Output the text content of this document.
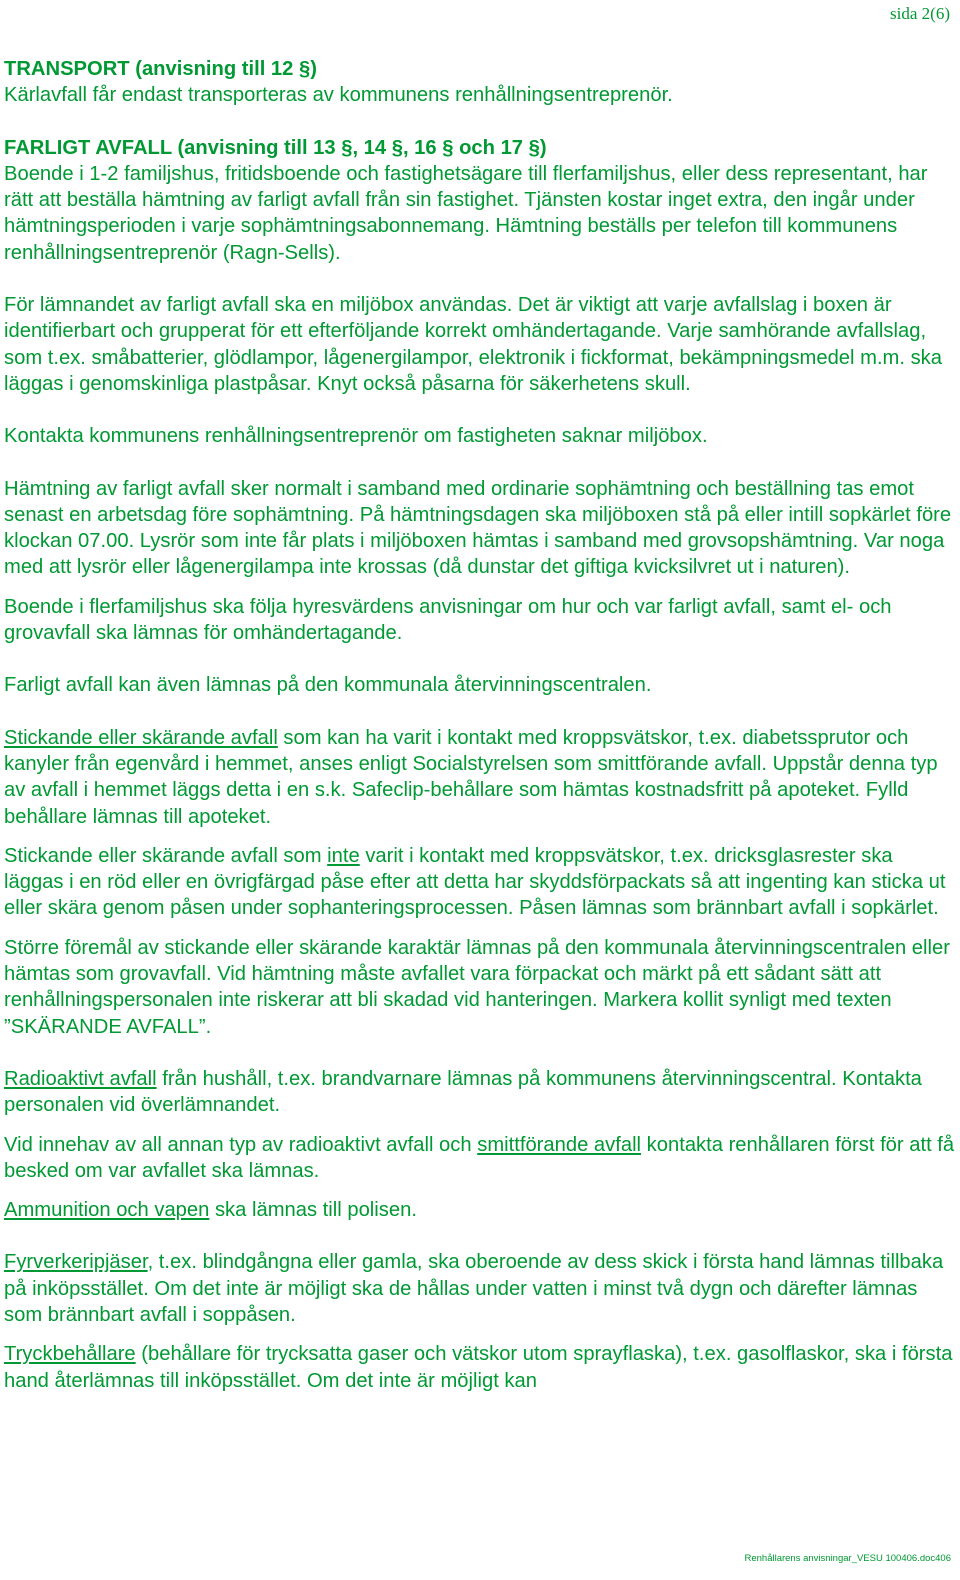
sida 2(6)

TRANSPORT (anvisning till 12 §)

Kärlavfall får endast transporteras av kommunens renhållningsentreprenör.

FARLIGT AVFALL (anvisning till 13 §, 14 §, 16 § och 17 §)

Boende i 1-2 familjshus, fritidsboende och fastighetsägare till flerfamiljshus, eller dess representant, har rätt att beställa hämtning av farligt avfall från sin fastighet. Tjänsten kostar inget extra, den ingår under hämtningsperioden i varje sophämtningsabonnemang. Hämtning beställs per telefon till kommunens renhållningsentreprenör (Ragn-Sells).

För lämnandet av farligt avfall ska en miljöbox användas. Det är viktigt att varje avfallslag i boxen är identifierbart och grupperat för ett efterföljande korrekt omhändertagande. Varje samhörande avfallslag, som t.ex. småbatterier, glödlampor, lågenergilampor, elektronik i fickformat, bekämpningsmedel m.m. ska läggas i genomskinliga plastpåsar. Knyt också påsarna för säkerhetens skull.

Kontakta kommunens renhållningsentreprenör om fastigheten saknar miljöbox.

Hämtning av farligt avfall sker normalt i samband med ordinarie sophämtning och beställning tas emot senast en arbetsdag före sophämtning. På hämtningsdagen ska miljöboxen stå på eller intill sopkärlet före klockan 07.00. Lysrör som inte får plats i miljöboxen hämtas i samband med grovsopshämtning. Var noga med att lysrör eller lågenergilampa inte krossas (då dunstar det giftiga kvicksilvret ut i naturen).

Boende i flerfamiljshus ska följa hyresvärdens anvisningar om hur och var farligt avfall, samt el- och grovavfall ska lämnas för omhändertagande.

Farligt avfall kan även lämnas på den kommunala återvinningscentralen.

Stickande eller skärande avfall som kan ha varit i kontakt med kroppsvätskor, t.ex. diabetssprutor och kanyler från egenvård i hemmet, anses enligt Socialstyrelsen som smittförande avfall. Uppstår denna typ av avfall i hemmet läggs detta i en s.k. Safeclip-behållare som hämtas kostnadsfritt på apoteket. Fylld behållare lämnas till apoteket.

Stickande eller skärande avfall som inte varit i kontakt med kroppsvätskor, t.ex. dricksglasrester ska läggas i en röd eller en övrigfärgad påse efter att detta har skyddsförpackats så att ingenting kan sticka ut eller skära genom påsen under sophanteringsprocessen. Påsen lämnas som brännbart avfall i sopkärlet.

Större föremål av stickande eller skärande karaktär lämnas på den kommunala återvinningscentralen eller hämtas som grovavfall. Vid hämtning måste avfallet vara förpackat och märkt på ett sådant sätt att renhållningspersonalen inte riskerar att bli skadad vid hanteringen. Markera kollit synligt med texten ”SKÄRANDE AVFALL”.

Radioaktivt avfall från hushåll, t.ex. brandvarnare lämnas på kommunens återvinningscentral. Kontakta personalen vid överlämnandet.

Vid innehav av all annan typ av radioaktivt avfall och smittförande avfall kontakta renhållaren först för att få besked om var avfallet ska lämnas.

Ammunition och vapen ska lämnas till polisen.

Fyrverkeripjäser, t.ex. blindgångna eller gamla, ska oberoende av dess skick i första hand lämnas tillbaka på inköpsstället. Om det inte är möjligt ska de hållas under vatten i minst två dygn och därefter lämnas som brännbart avfall i soppåsen.

Tryckbehållare (behållare för trycksatta gaser och vätskor utom sprayflaska), t.ex. gasolflaskor, ska i första hand återlämnas till inköpsstället. Om det inte är möjligt kan

Renhållarens anvisningar_VESU 100406.doc406
